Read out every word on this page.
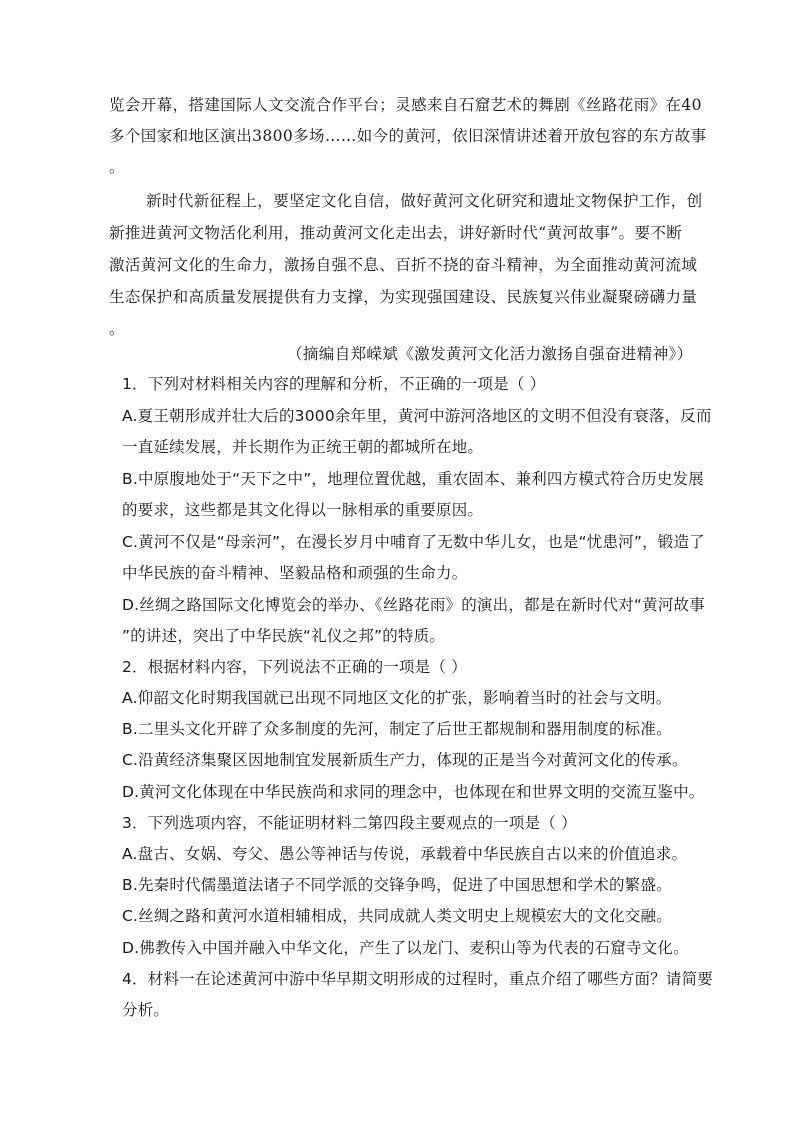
览会开幕，搭建国际人文交流合作平台；灵感来自石窟艺术的舞剧《丝路花雨》在40
多个国家和地区演出3800多场……如今的黄河，依旧深情讲述着开放包容的东方故事
。
新时代新征程上，要坚定文化自信，做好黄河文化研究和遗址文物保护工作，创
新推进黄河文物活化利用，推动黄河文化走出去，讲好新时代“黄河故事”。要不断
激活黄河文化的生命力，激扬自强不息、百折不挠的奋斗精神，为全面推动黄河流域
生态保护和高质量发展提供有力支撑，为实现强国建设、民族复兴伟业凝聚磅礴力量
。
（摘编自郑嵘斌《激发黄河文化活力激扬自强奋进精神》）
1．下列对材料相关内容的理解和分析，不正确的一项是（ ）
A.夏王朝形成并壮大后的3000余年里，黄河中游河洛地区的文明不但没有衰落，反而
一直延续发展，并长期作为正统王朝的都城所在地。
B.中原腹地处于“天下之中”，地理位置优越，重农固本、兼利四方模式符合历史发展
的要求，这些都是其文化得以一脉相承的重要原因。
C.黄河不仅是“母亲河”，在漫长岁月中哺育了无数中华儿女，也是“忧患河”，锻造了
中华民族的奋斗精神、坚毅品格和顽强的生命力。
D.丝绸之路国际文化博览会的举办、《丝路花雨》的演出，都是在新时代对“黄河故事
”的讲述，突出了中华民族“礼仪之邦”的特质。
2．根据材料内容，下列说法不正确的一项是（ ）
A.仰韶文化时期我国就已出现不同地区文化的扩张，影响着当时的社会与文明。
B.二里头文化开辟了众多制度的先河，制定了后世王都规制和器用制度的标准。
C.沿黄经济集聚区因地制宜发展新质生产力，体现的正是当今对黄河文化的传承。
D.黄河文化体现在中华民族尚和求同的理念中，也体现在和世界文明的交流互鉴中。
3．下列选项内容，不能证明材料二第四段主要观点的一项是（ ）
A.盘古、女娲、夸父、愚公等神话与传说，承载着中华民族自古以来的价值追求。
B.先秦时代儒墨道法诸子不同学派的交锋争鸣，促进了中国思想和学术的繁盛。
C.丝绸之路和黄河水道相辅相成，共同成就人类文明史上规模宏大的文化交融。
D.佛教传入中国并融入中华文化，产生了以龙门、麦积山等为代表的石窟寺文化。
4．材料一在论述黄河中游中华早期文明形成的过程时，重点介绍了哪些方面？请简要
分析。
